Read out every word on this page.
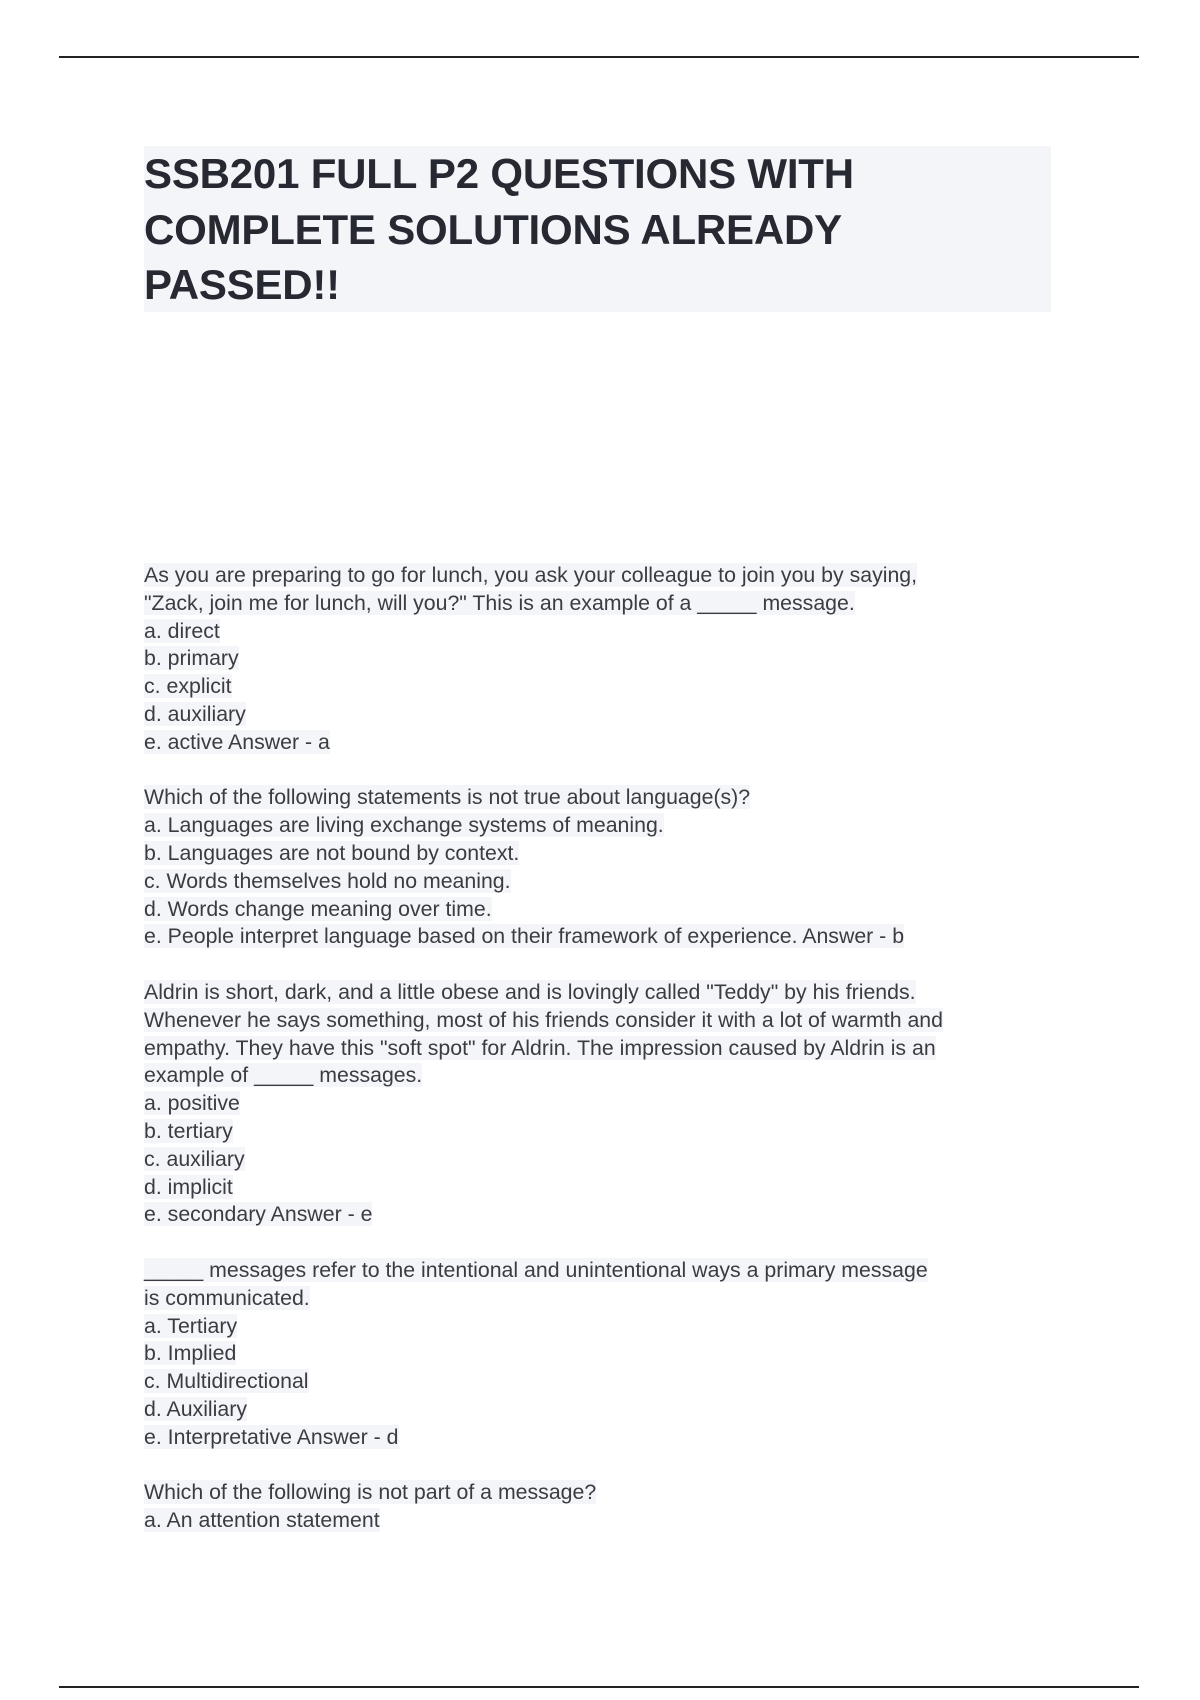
SSB201 FULL P2 QUESTIONS WITH
COMPLETE SOLUTIONS ALREADY
PASSED!!
As you are preparing to go for lunch, you ask your colleague to join you by saying,
"Zack, join me for lunch, will you?" This is an example of a _____ message.
a. direct
b. primary
c. explicit
d. auxiliary
e. active Answer - a
Which of the following statements is not true about language(s)?
a. Languages are living exchange systems of meaning.
b. Languages are not bound by context.
c. Words themselves hold no meaning.
d. Words change meaning over time.
e. People interpret language based on their framework of experience. Answer - b
Aldrin is short, dark, and a little obese and is lovingly called "Teddy" by his friends.
Whenever he says something, most of his friends consider it with a lot of warmth and
empathy. They have this "soft spot" for Aldrin. The impression caused by Aldrin is an
example of _____ messages.
a. positive
b. tertiary
c. auxiliary
d. implicit
e. secondary Answer - e
_____ messages refer to the intentional and unintentional ways a primary message
is communicated.
a. Tertiary
b. Implied
c. Multidirectional
d. Auxiliary
e. Interpretative Answer - d
Which of the following is not part of a message?
a. An attention statement
